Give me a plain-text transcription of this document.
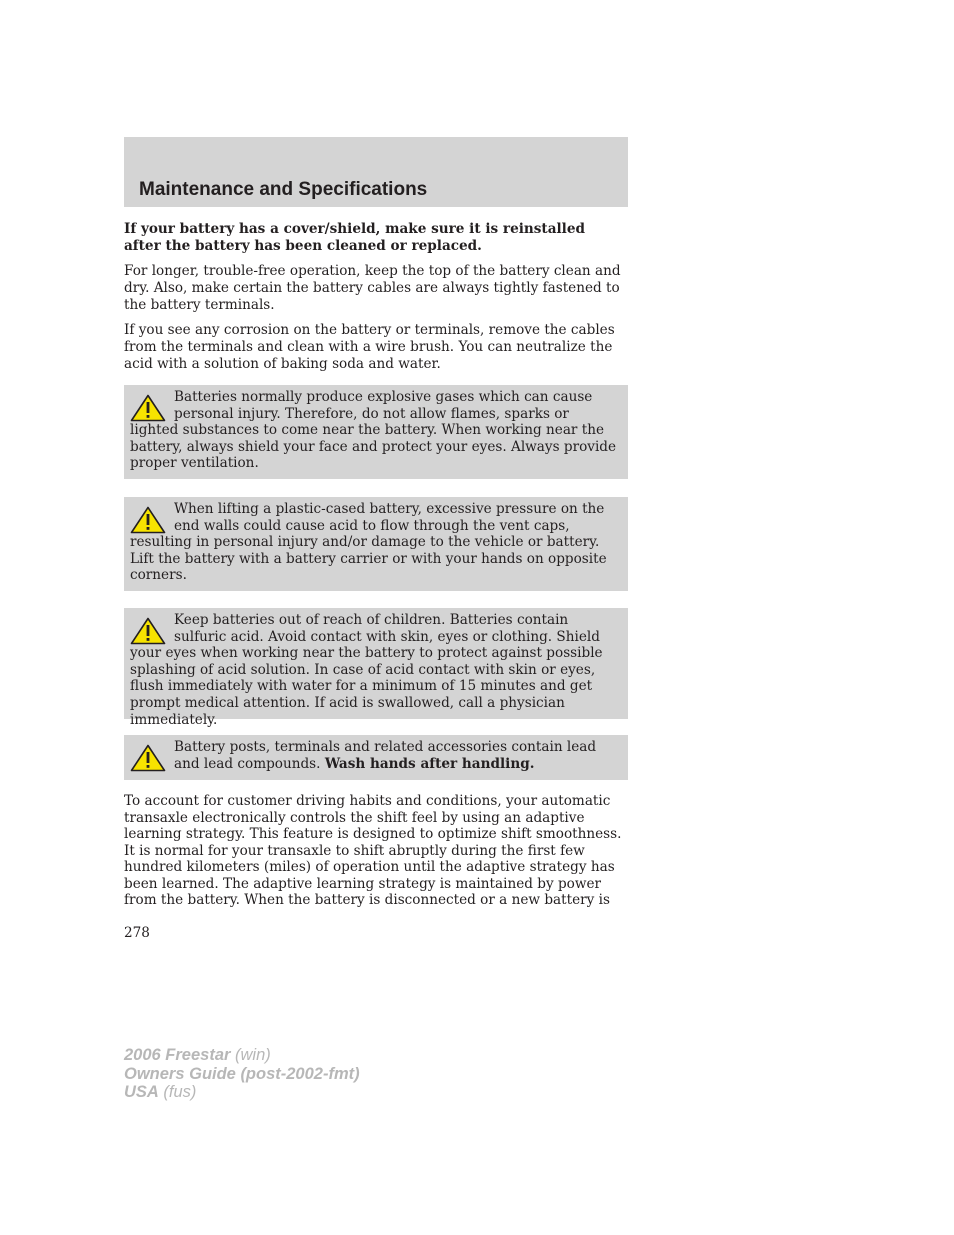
Maintenance and Specifications

If your battery has a cover/shield, make sure it is reinstalled after the battery has been cleaned or replaced.

For longer, trouble-free operation, keep the top of the battery clean and dry. Also, make certain the battery cables are always tightly fastened to the battery terminals.

If you see any corrosion on the battery or terminals, remove the cables from the terminals and clean with a wire brush. You can neutralize the acid with a solution of baking soda and water.

Batteries normally produce explosive gases which can cause personal injury. Therefore, do not allow flames, sparks or lighted substances to come near the battery. When working near the battery, always shield your face and protect your eyes. Always provide proper ventilation.

When lifting a plastic-cased battery, excessive pressure on the end walls could cause acid to flow through the vent caps, resulting in personal injury and/or damage to the vehicle or battery. Lift the battery with a battery carrier or with your hands on opposite corners.

Keep batteries out of reach of children. Batteries contain sulfuric acid. Avoid contact with skin, eyes or clothing. Shield your eyes when working near the battery to protect against possible splashing of acid solution. In case of acid contact with skin or eyes, flush immediately with water for a minimum of 15 minutes and get prompt medical attention. If acid is swallowed, call a physician immediately.

Battery posts, terminals and related accessories contain lead and lead compounds. Wash hands after handling.

To account for customer driving habits and conditions, your automatic transaxle electronically controls the shift feel by using an adaptive learning strategy. This feature is designed to optimize shift smoothness. It is normal for your transaxle to shift abruptly during the first few hundred kilometers (miles) of operation until the adaptive strategy has been learned. The adaptive learning strategy is maintained by power from the battery. When the battery is disconnected or a new battery is

278
2006 Freestar (win)
Owners Guide (post-2002-fmt)
USA (fus)
